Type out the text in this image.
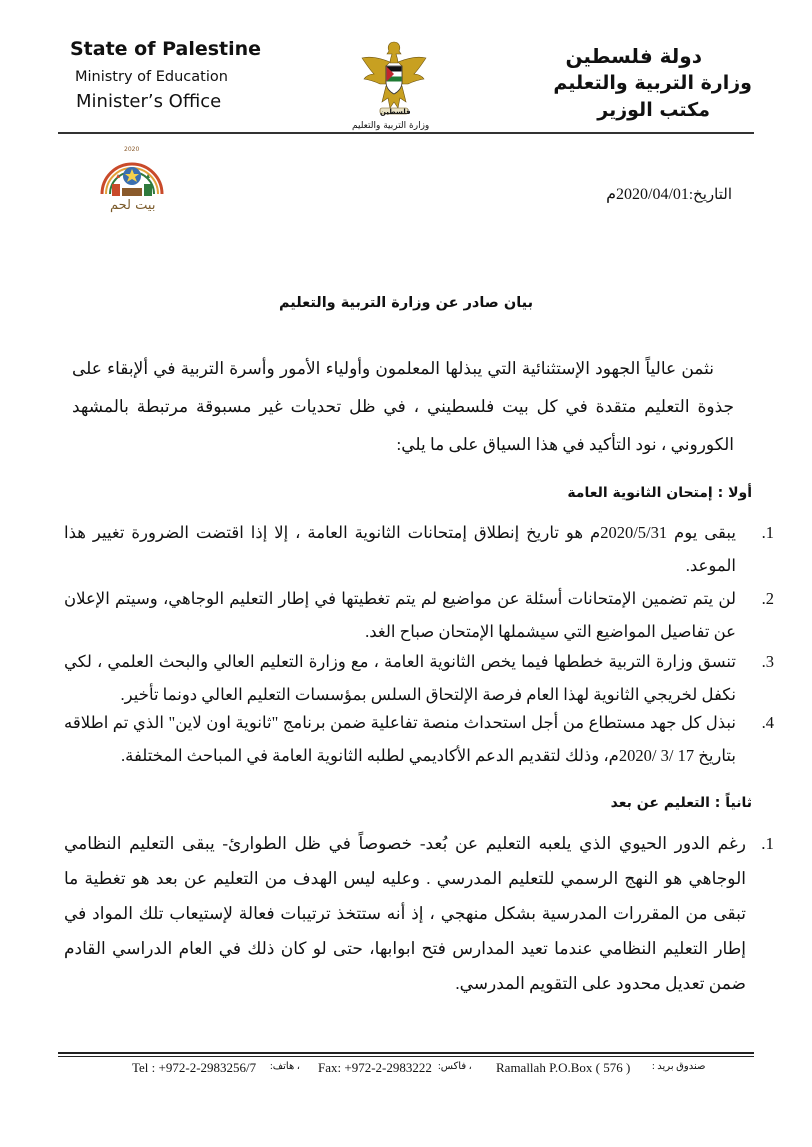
State of Palestine
Ministry of Education
Minister’s Office
دولة فلسطين
وزارة التربية والتعليم
مكتب الوزير
فلسطين
وزارة التربية والتعليم
2020
بيت لحم
التاريخ:2020/04/01م
بيان صادر عن وزارة التربية والتعليم
نثمن عالياً الجهود الإستثنائية التي يبذلها المعلمون وأولياء الأمور وأسرة التربية في ألإبقاء على جذوة التعليم متقدة في كل بيت فلسطيني ، في ظل تحديات غير مسبوقة مرتبطة بالمشهد الكوروني ، نود التأكيد في هذا السياق على ما يلي:
أولا : إمتحان الثانوية العامة
1.
يبقى يوم 2020/5/31م هو تاريخ إنطلاق إمتحانات الثانوية العامة ، إلا إذا اقتضت الضرورة تغيير هذا الموعد.
2.
لن يتم تضمين الإمتحانات أسئلة عن مواضيع لم يتم تغطيتها في إطار التعليم الوجاهي، وسيتم الإعلان عن تفاصيل المواضيع التي سيشملها الإمتحان صباح الغد.
3.
تنسق وزارة التربية خططها فيما يخص الثانوية العامة ، مع وزارة التعليم العالي والبحث العلمي ، لكي نكفل لخريجي الثانوية لهذا العام فرصة الإلتحاق السلس بمؤسسات التعليم العالي دونما تأخير.
4.
نبذل كل جهد مستطاع من أجل استحداث منصة تفاعلية ضمن برنامج "ثانوية اون لاين" الذي تم اطلاقه بتاريخ 17 /3 /2020م، وذلك لتقديم الدعم الأكاديمي لطلبه الثانوية العامة في المباحث المختلفة.
ثانياً : التعليم عن بعد
1.
رغم الدور الحيوي الذي يلعبه التعليم عن بُعد- خصوصاً في ظل الطوارئ- يبقى التعليم النظامي الوجاهي هو النهج الرسمي للتعليم المدرسي . وعليه ليس الهدف من التعليم عن بعد هو تغطية ما تبقى من المقررات المدرسية بشكل منهجي ، إذ أنه ستتخذ ترتيبات فعالة لإستيعاب تلك المواد في إطار التعليم النظامي عندما تعيد المدارس فتح ابوابها، حتى لو كان ذلك في العام الدراسي القادم ضمن تعديل محدود على التقويم المدرسي.
Tel : +972-2-2983256/7 ، هاتف: Fax: +972-2-2983222 ، فاكس: Ramallah P.O.Box ( 576 ) صندوق بريد :
